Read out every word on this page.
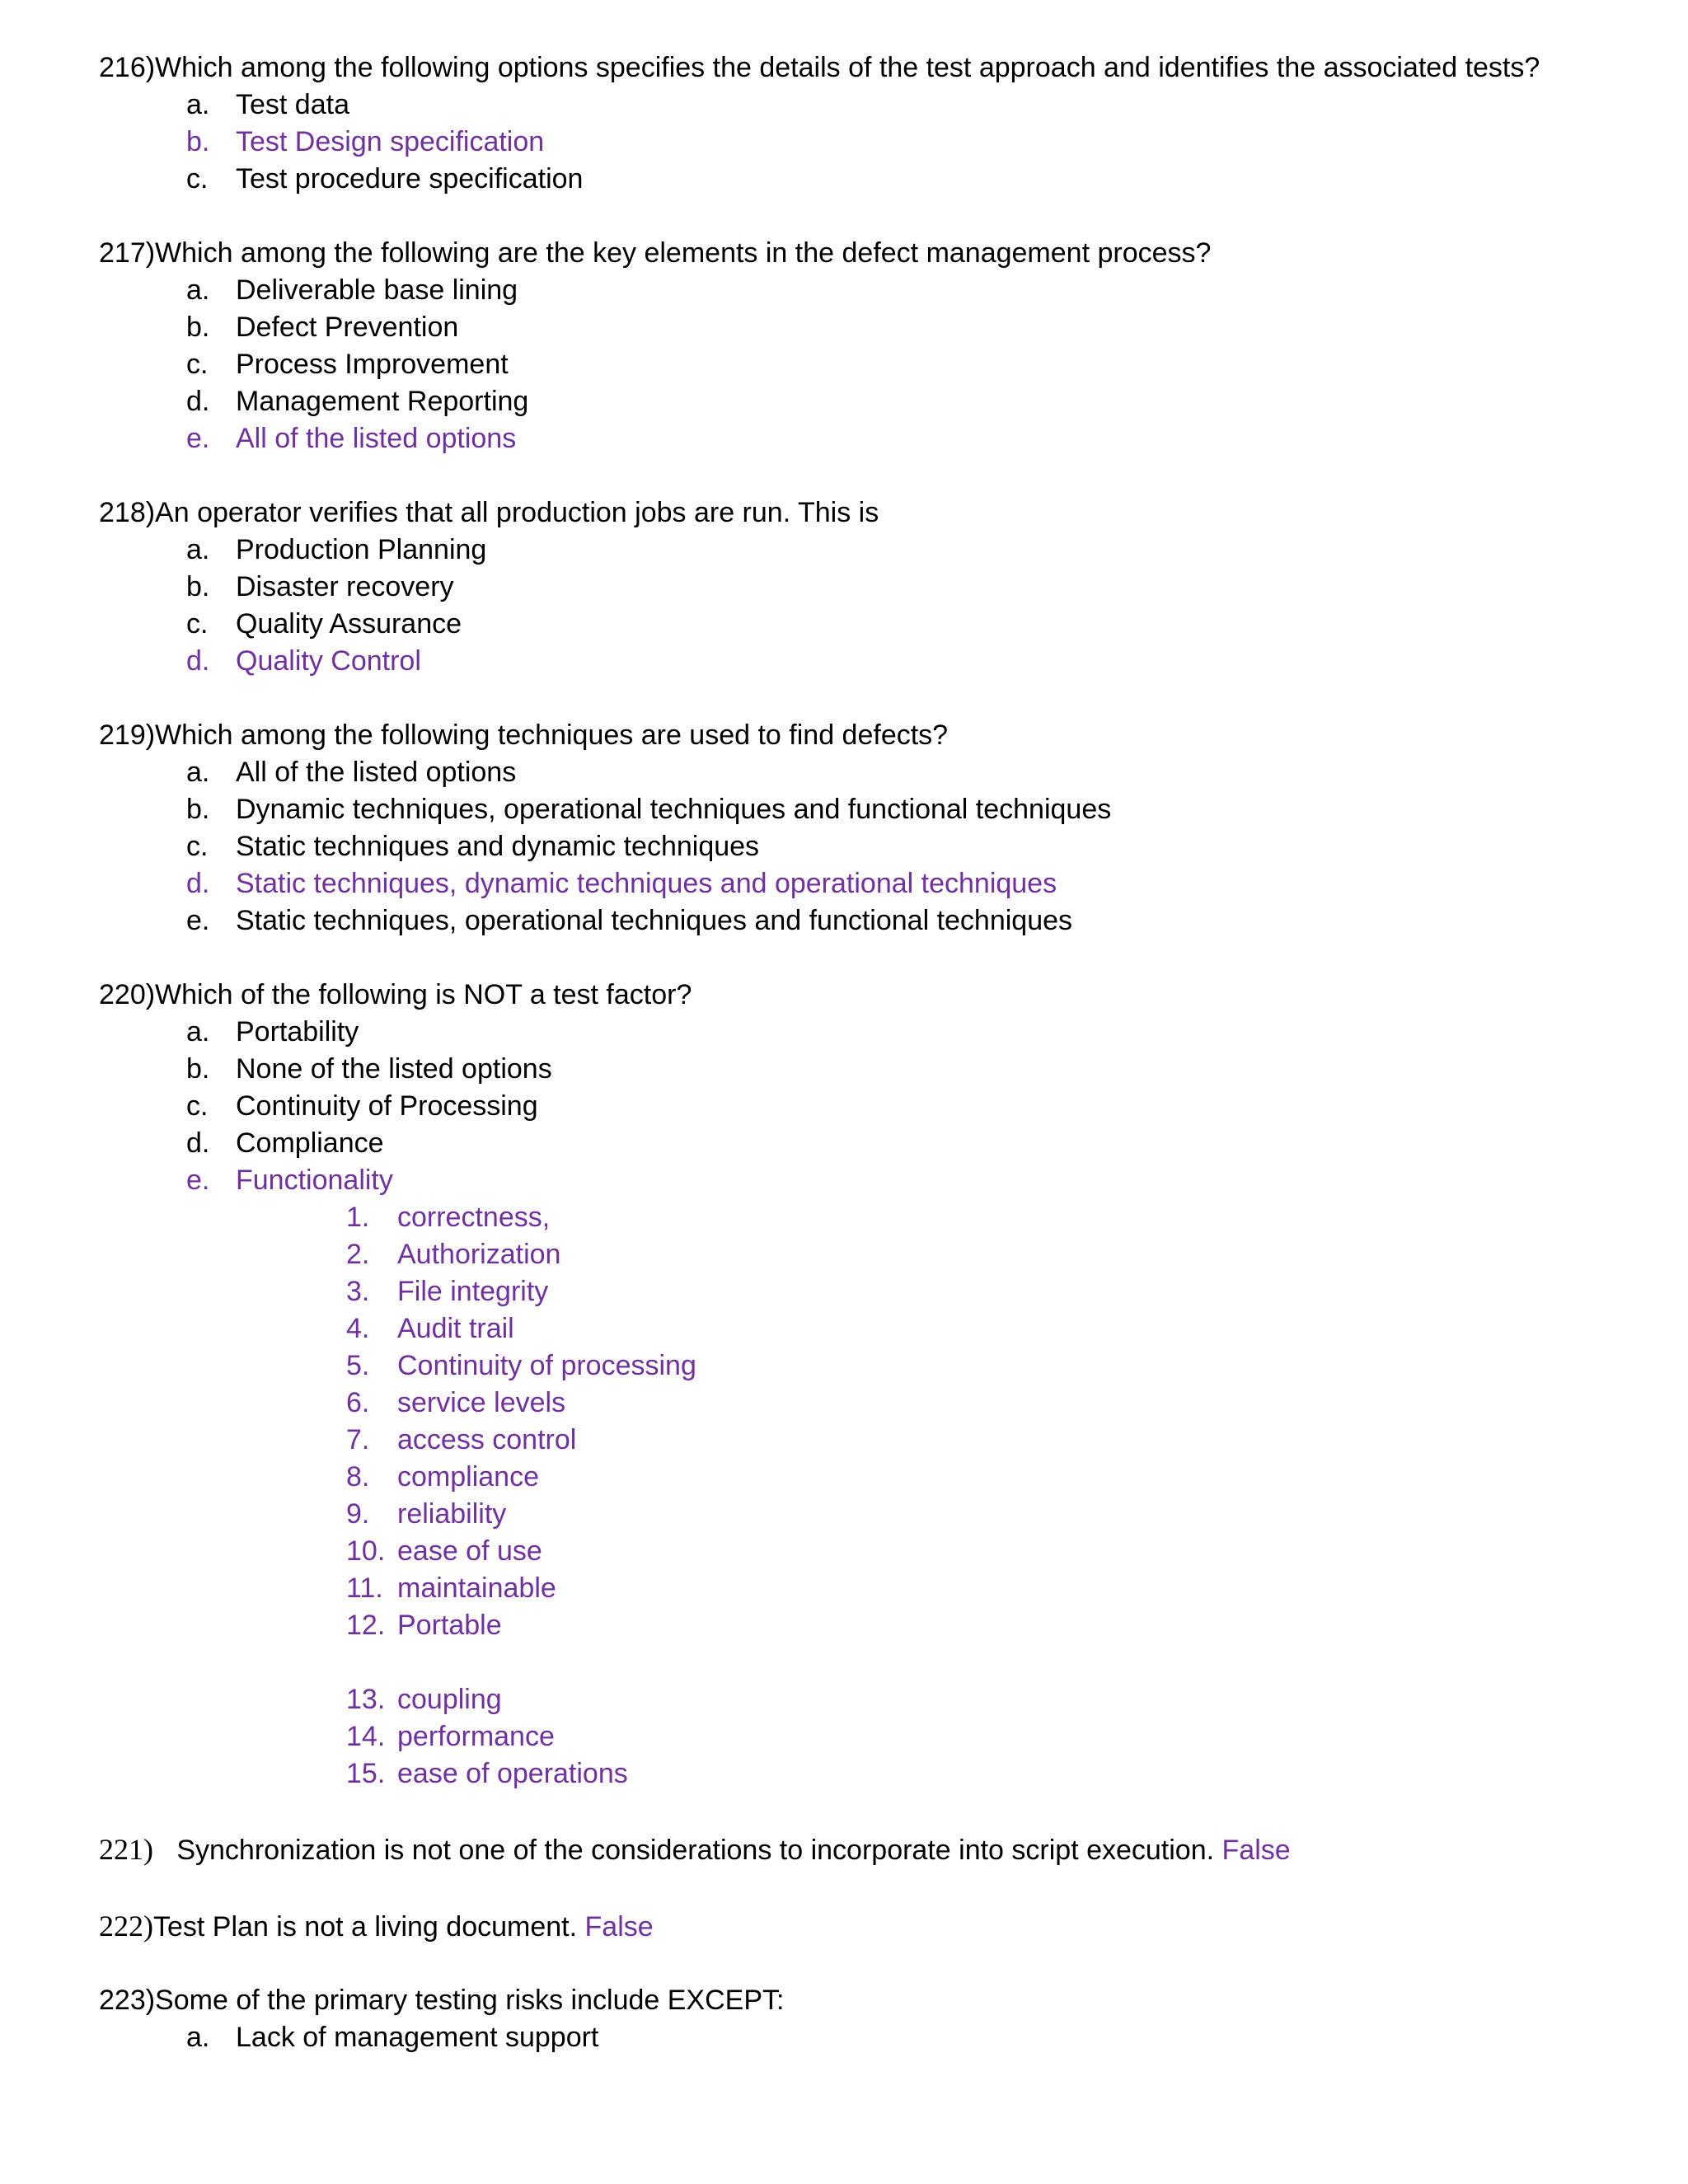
216)Which among the following options specifies the details of the test approach and identifies the associated tests?
a. Test data
b. Test Design specification
c. Test procedure specification
217)Which among the following are the key elements in the defect management process?
a. Deliverable base lining
b. Defect Prevention
c. Process Improvement
d. Management Reporting
e. All of the listed options
218)An operator verifies that all production jobs are run. This is
a. Production Planning
b. Disaster recovery
c. Quality Assurance
d. Quality Control
219)Which among the following techniques are used to find defects?
a. All of the listed options
b. Dynamic techniques, operational techniques and functional techniques
c. Static techniques and dynamic techniques
d. Static techniques, dynamic techniques and operational techniques
e. Static techniques, operational techniques and functional techniques
220)Which of the following is NOT a test factor?
a. Portability
b. None of the listed options
c. Continuity of Processing
d. Compliance
e. Functionality
1. correctness,
2. Authorization
3. File integrity
4. Audit trail
5. Continuity of processing
6. service levels
7. access control
8. compliance
9. reliability
10. ease of use
11. maintainable
12. Portable
13. coupling
14. performance
15. ease of operations
221) Synchronization is not one of the considerations to incorporate into script execution. False
222)Test Plan is not a living document. False
223)Some of the primary testing risks include EXCEPT:
a. Lack of management support
